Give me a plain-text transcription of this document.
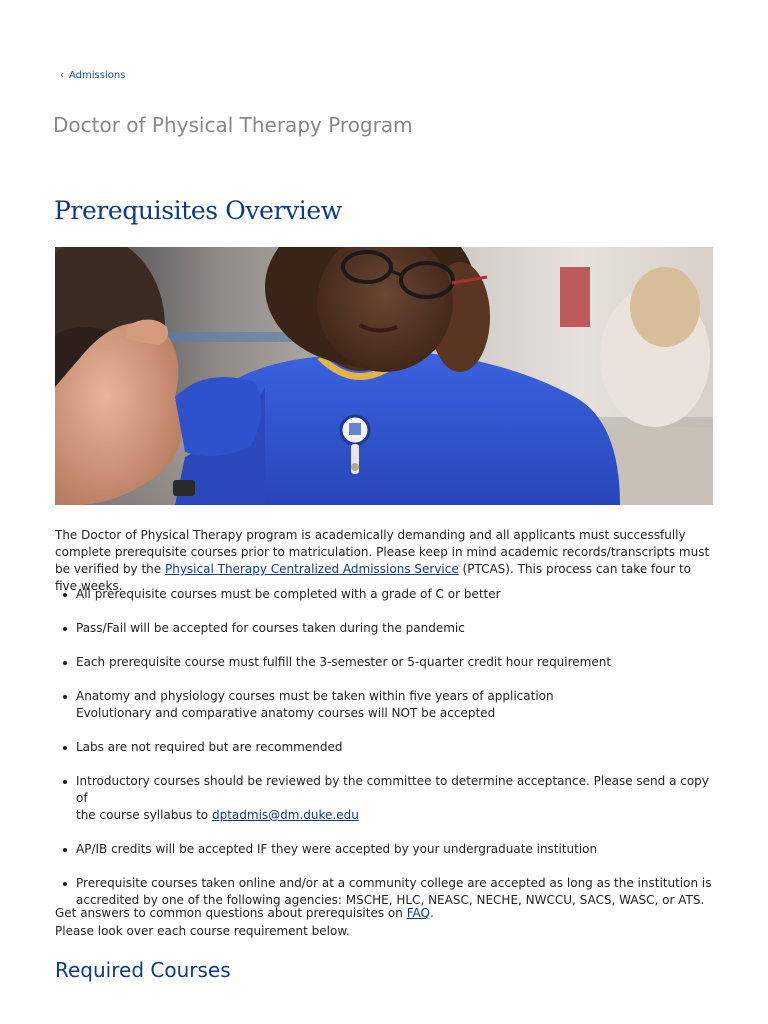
‹ Admissions
Doctor of Physical Therapy Program
Prerequisites Overview

The Doctor of Physical Therapy program is academically demanding and all applicants must successfully complete prerequisite courses prior to matriculation. Please keep in mind academic records/transcripts must be verified by the Physical Therapy Centralized Admissions Service (PTCAS). This process can take four to five weeks.

All prerequisite courses must be completed with a grade of C or better
Pass/Fail will be accepted for courses taken during the pandemic
Each prerequisite course must fulfill the 3-semester or 5-quarter credit hour requirement
Anatomy and physiology courses must be taken within five years of application
Evolutionary and comparative anatomy courses will NOT be accepted
Labs are not required but are recommended
Introductory courses should be reviewed by the committee to determine acceptance. Please send a copy of
the course syllabus to dptadmis@dm.duke.edu
AP/IB credits will be accepted IF they were accepted by your undergraduate institution
Prerequisite courses taken online and/or at a community college are accepted as long as the institution is
accredited by one of the following agencies: MSCHE, HLC, NEASC, NECHE, NWCCU, SACS, WASC, or ATS.

Get answers to common questions about prerequisites on FAQ.
Please look over each course requirement below.

Required Courses
